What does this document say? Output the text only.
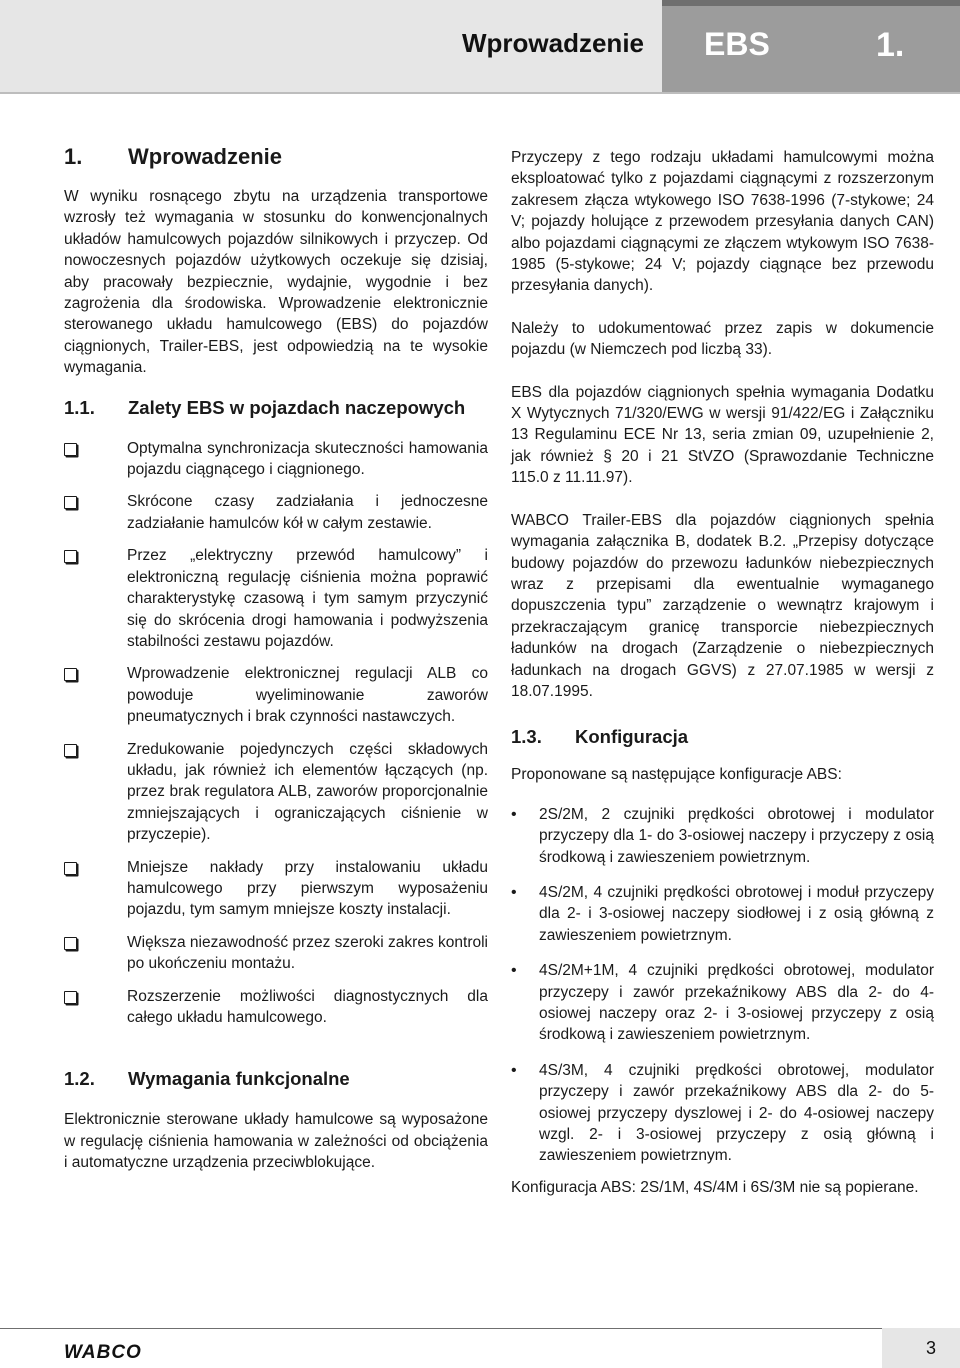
Wprowadzenie EBS	1.
1.	Wprowadzenie

W wyniku rosnącego zbytu na urządzenia transportowe wzrosły też wymagania w stosunku do konwencjonalnych układów hamulcowych pojazdów silnikowych i przyczep. Od nowoczesnych pojazdów użytkowych oczekuje się dzisiaj, aby pracowały bezpiecznie, wydajnie, wygodnie i bez zagrożenia dla środowiska. Wprowadzenie elektronicznie sterowanego układu hamulcowego (EBS) do pojazdów ciągnionych, Trailer-EBS, jest odpowiedzią na te wysokie wymagania.

1.1.	Zalety EBS w pojazdach naczepowych
Optymalna synchronizacja skuteczności hamowania pojazdu ciągnącego i ciągnionego.
Skrócone czasy zadziałania i jednoczesne zadziałanie hamulców kół w całym zestawie.
Przez „elektryczny przewód hamulcowy” i elektroniczną regulację ciśnienia można poprawić charakterystykę czasową i tym samym przyczynić się do skrócenia drogi hamowania i podwyższenia stabilności zestawu pojazdów.
Wprowadzenie elektronicznej regulacji ALB co powoduje wyeliminowanie zaworów pneumatycznych i brak czynności nastawczych.
Zredukowanie pojedynczych części składowych układu, jak również ich elementów łączących (np. przez brak regulatora ALB, zaworów proporcjonalnie zmniejszających i ograniczających ciśnienie w przyczepie).
Mniejsze nakłady przy instalowaniu układu hamulcowego przy pierwszym wyposażeniu pojazdu, tym samym mniejsze koszty instalacji.
Większa niezawodność przez szeroki zakres kontroli po ukończeniu montażu.
Rozszerzenie możliwości diagnostycznych dla całego układu hamulcowego.
1.2.	Wymagania funkcjonalne

Elektronicznie sterowane układy hamulcowe są wyposażone w regulację ciśnienia hamowania w zależności od obciążenia i automatyczne urządzenia przeciwblokujące.

Przyczepy z tego rodzaju układami hamulcowymi można eksploatować tylko z pojazdami ciągnącymi z rozszerzonym zakresem złącza wtykowego ISO 7638-1996 (7-stykowe; 24 V; pojazdy holujące z przewodem przesyłania danych CAN) albo pojazdami ciągnącymi ze złączem wtykowym ISO 7638-1985 (5-stykowe; 24 V; pojazdy ciągnące bez przewodu przesyłania danych).

Należy to udokumentować przez zapis w dokumencie pojazdu (w Niemczech pod liczbą 33).

EBS dla pojazdów ciągnionych spełnia wymagania Dodatku X Wytycznych 71/320/EWG w wersji 91/422/EG i Załączniku 13 Regulaminu ECE Nr 13, seria zmian 09, uzupełnienie 2, jak również § 20 i 21 StVZO (Sprawozdanie Techniczne 115.0 z 11.11.97).

WABCO Trailer-EBS dla pojazdów ciągnionych spełnia wymagania załącznika B, dodatek B.2. „Przepisy dotyczące budowy pojazdów do przewozu ładunków niebezpiecznych wraz z przepisami dla ewentualnie wymaganego dopuszczenia typu” zarządzenie o wewnątrz krajowym i przekraczającym granicę transporcie niebezpiecznych ładunków na drogach (Zarządzenie o niebezpiecznych ładunkach na drogach GGVS) z 27.07.1985 w wersji z 18.07.1995.

1.3.	Konfiguracja

Proponowane są następujące konfiguracje ABS:

•	2S/2M, 2 czujniki prędkości obrotowej i modulator przyczepy dla 1- do 3-osiowej naczepy i przyczepy z osią środkową i zawieszeniem powietrznym.
•	4S/2M, 4 czujniki prędkości obrotowej i moduł przyczepy dla 2- i 3-osiowej naczepy siodłowej i z osią główną z zawieszeniem powietrznym.
•	4S/2M+1M, 4 czujniki prędkości obrotowej, modulator przyczepy i zawór przekaźnikowy ABS dla 2- do 4-osiowej naczepy oraz 2- i 3-osiowej przyczepy z osią środkową i zawieszeniem powietrznym.
•	4S/3M, 4 czujniki prędkości obrotowej, modulator przyczepy i zawór przekaźnikowy ABS dla 2- do 5-osiowej przyczepy dyszlowej i 2- do 4-osiowej naczepy wzgl. 2- i 3-osiowej przyczepy z osią główną i zawieszeniem powietrznym.

Konfiguracja ABS: 2S/1M, 4S/4M i 6S/3M nie są popierane.

WABCO	3
